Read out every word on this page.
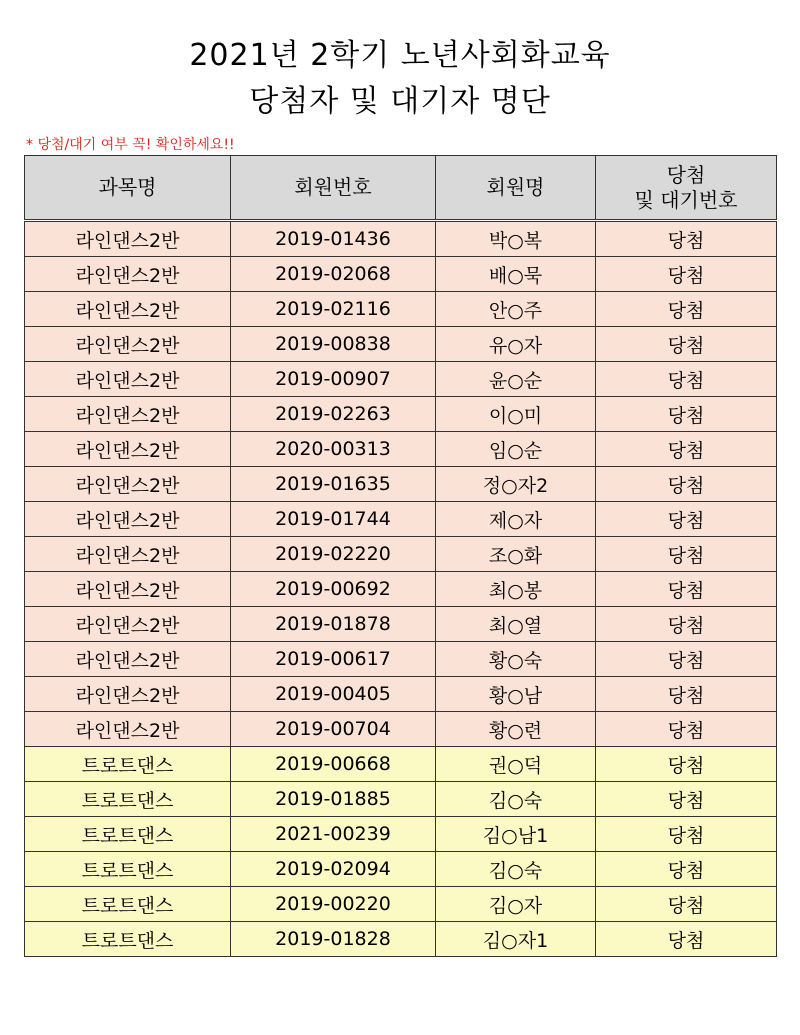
2021년 2학기 노년사회화교육
당첨자 및 대기자 명단
* 당첨/대기 여부 꼭! 확인하세요!!
과목명	회원번호	회원명	당첨
및 대기번호

라인댄스2반	2019-01436	박○복	당첨
라인댄스2반	2019-02068	배○묵	당첨
라인댄스2반	2019-02116	안○주	당첨
라인댄스2반	2019-00838	유○자	당첨
라인댄스2반	2019-00907	윤○순	당첨
라인댄스2반	2019-02263	이○미	당첨
라인댄스2반	2020-00313	임○순	당첨
라인댄스2반	2019-01635	정○자2	당첨
라인댄스2반	2019-01744	제○자	당첨
라인댄스2반	2019-02220	조○화	당첨
라인댄스2반	2019-00692	최○봉	당첨
라인댄스2반	2019-01878	최○열	당첨
라인댄스2반	2019-00617	황○숙	당첨
라인댄스2반	2019-00405	황○남	당첨
라인댄스2반	2019-00704	황○련	당첨
트로트댄스	2019-00668	권○덕	당첨
트로트댄스	2019-01885	김○숙	당첨
트로트댄스	2021-00239	김○남1	당첨
트로트댄스	2019-02094	김○숙	당첨
트로트댄스	2019-00220	김○자	당첨
트로트댄스	2019-01828	김○자1	당첨
